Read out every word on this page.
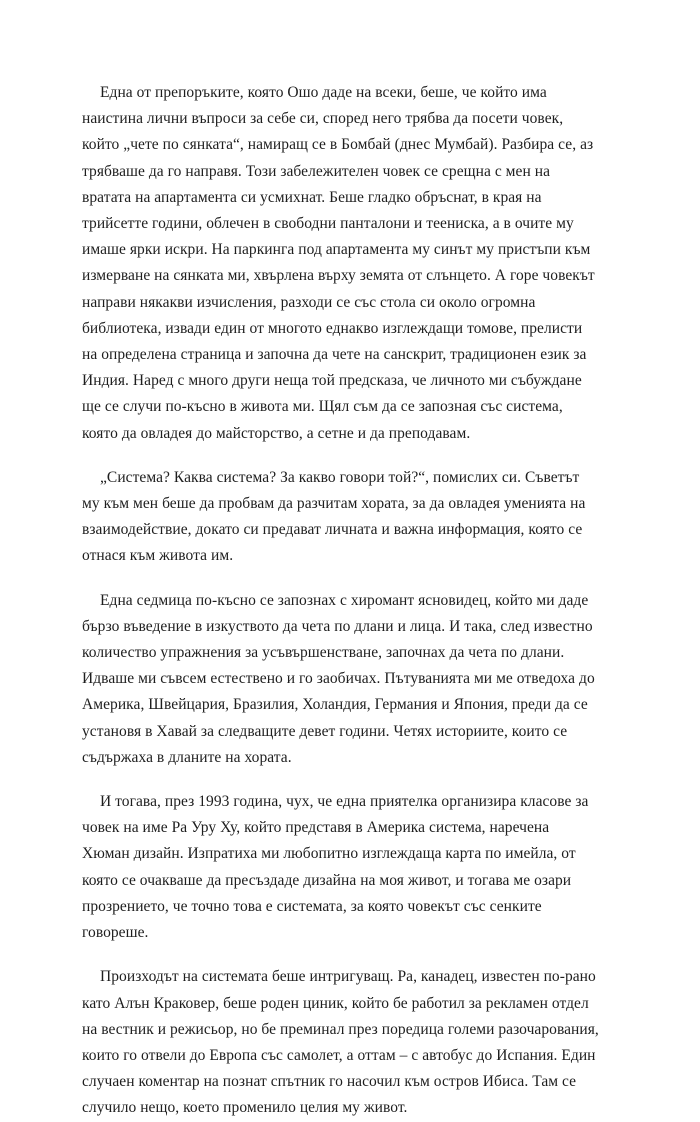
Една от препоръките, която Ошо даде на всеки, беше, че който има наистина лични въпроси за себе си, според него трябва да посети човек, който „чете по сянката“, намиращ се в Бомбай (днес Мумбай). Разбира се, аз трябваше да го направя. Този забележителен човек се срещна с мен на вратата на апартамента си усмихнат. Беше гладко обръснат, в края на трийсетте години, облечен в свободни панталони и теениска, а в очите му имаше ярки искри. На паркинга под апартамента му синът му пристъпи към измерване на сянката ми, хвърлена върху земята от слънцето. А горе човекът направи някакви изчисления, разходи се със стола си около огромна библиотека, извади един от многото еднакво изглеждащи томове, прелисти на определена страница и започна да чете на санскрит, традиционен език за Индия. Наред с много други неща той предсказа, че личното ми събуждане ще се случи по-късно в живота ми. Щял съм да се запозная със система, която да овладея до майсторство, а сетне и да преподавам.

„Система? Каква система? За какво говори той?“, помислих си. Съветът му към мен беше да пробвам да разчитам хората, за да овладея уменията на взаимодействие, докато си предават личната и важна информация, която се отнася към живота им.

Една седмица по-късно се запознах с хиромант ясновидец, който ми даде бързо въведение в изкуството да чета по длани и лица. И така, след известно количество упражнения за усъвършенстване, започнах да чета по длани. Идваше ми съвсем естествено и го заобичах. Пътуванията ми ме отведоха до Америка, Швейцария, Бразилия, Холандия, Германия и Япония, преди да се установя в Хавай за следващите девет години. Четях историите, които се съдържаха в дланите на хората.

И тогава, през 1993 година, чух, че една приятелка организира класове за човек на име Ра Уру Ху, който представя в Америка система, наречена Хюман дизайн. Изпратиха ми любопитно изглеждаща карта по имейла, от която се очакваше да пресъздаде дизайна на моя живот, и тогава ме озари прозрението, че точно това е системата, за която човекът със сенките говореше.

Произходът на системата беше интригуващ. Ра, канадец, известен по-рано като Алън Краковер, беше роден циник, който бе работил за рекламен отдел на вестник и режисьор, но бе преминал през поредица големи разочарования, които го отвели до Европа със самолет, а оттам – с автобус до Испания. Един случаен коментар на познат спътник го насочил към остров Ибиса. Там се случило нещо, което променило целия му живот.
